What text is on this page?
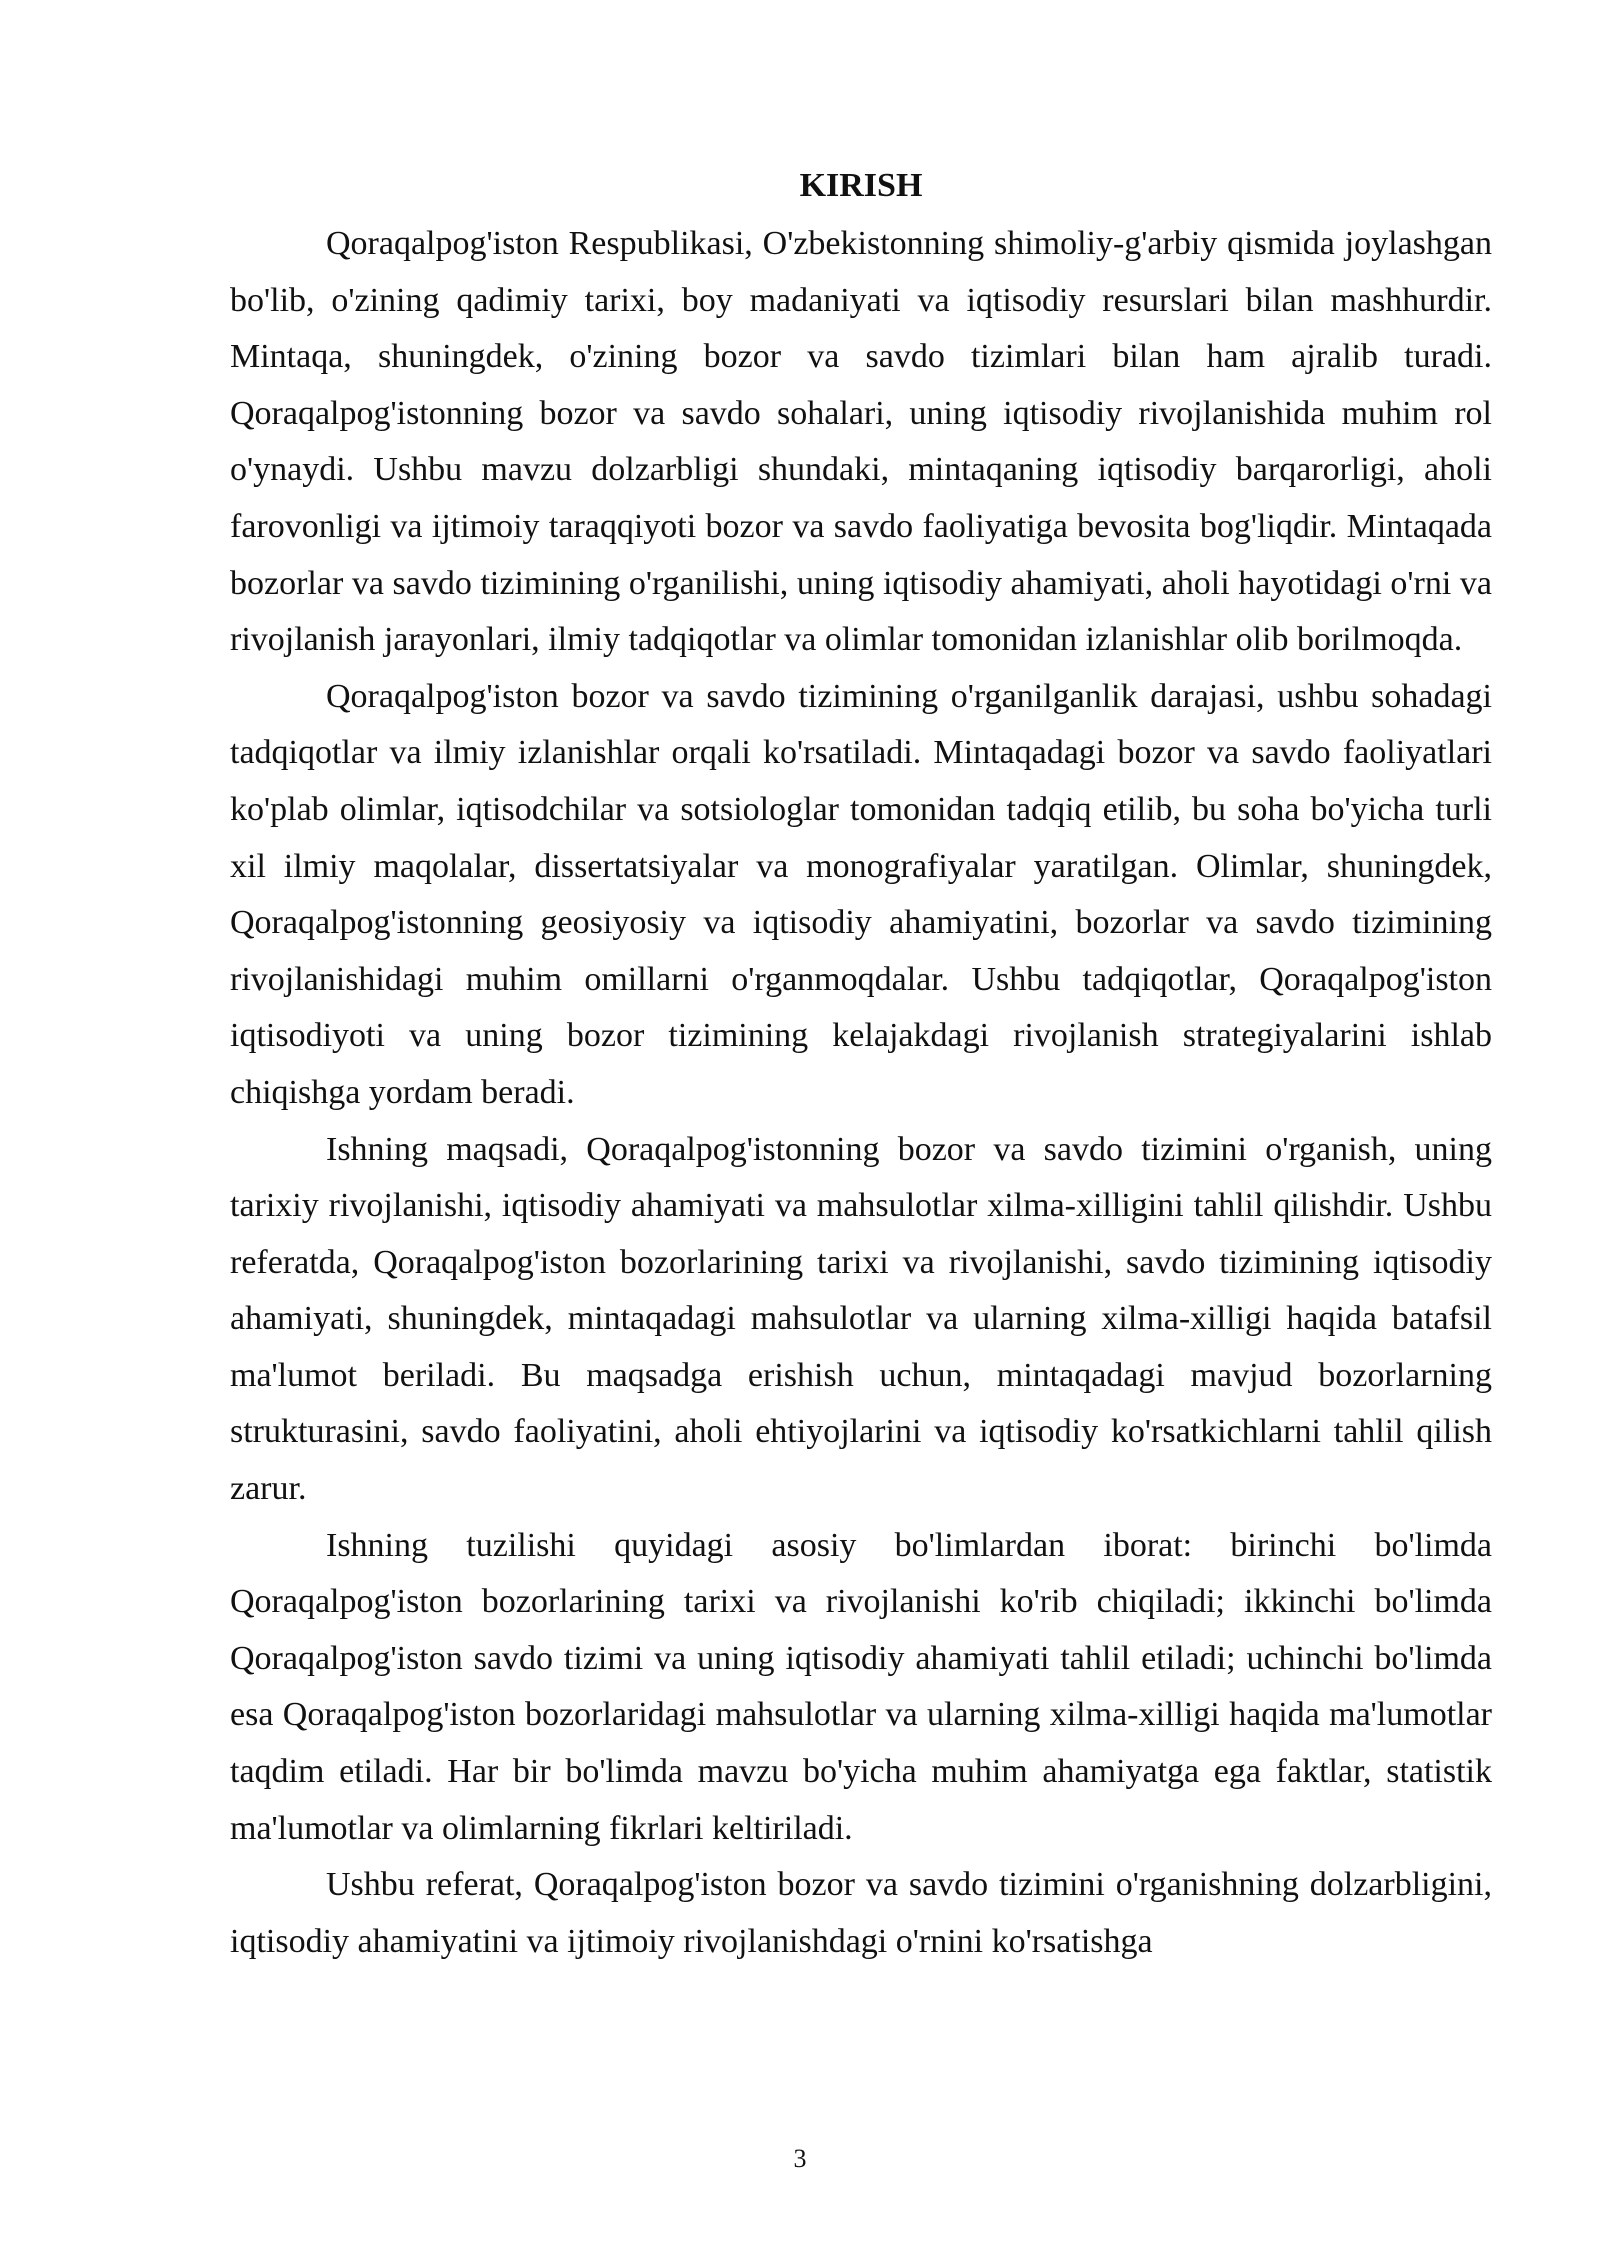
KIRISH

Qoraqalpog'iston Respublikasi, O'zbekistonning shimoliy-g'arbiy qismida joylashgan bo'lib, o'zining qadimiy tarixi, boy madaniyati va iqtisodiy resurslari bilan mashhurdir. Mintaqa, shuningdek, o'zining bozor va savdo tizimlari bilan ham ajralib turadi. Qoraqalpog'istonning bozor va savdo sohalari, uning iqtisodiy rivojlanishida muhim rol o'ynaydi. Ushbu mavzu dolzarbligi shundaki, mintaqaning iqtisodiy barqarorligi, aholi farovonligi va ijtimoiy taraqqiyoti bozor va savdo faoliyatiga bevosita bog'liqdir. Mintaqada bozorlar va savdo tizimining o'rganilishi, uning iqtisodiy ahamiyati, aholi hayotidagi o'rni va rivojlanish jarayonlari, ilmiy tadqiqotlar va olimlar tomonidan izlanishlar olib borilmoqda.

Qoraqalpog'iston bozor va savdo tizimining o'rganilganlik darajasi, ushbu sohadagi tadqiqotlar va ilmiy izlanishlar orqali ko'rsatiladi. Mintaqadagi bozor va savdo faoliyatlari ko'plab olimlar, iqtisodchilar va sotsiologlar tomonidan tadqiq etilib, bu soha bo'yicha turli xil ilmiy maqolalar, dissertatsiyalar va monografiyalar yaratilgan. Olimlar, shuningdek, Qoraqalpog'istonning geosiyosiy va iqtisodiy ahamiyatini, bozorlar va savdo tizimining rivojlanishidagi muhim omillarni o'rganmoqdalar. Ushbu tadqiqotlar, Qoraqalpog'iston iqtisodiyoti va uning bozor tizimining kelajakdagi rivojlanish strategiyalarini ishlab chiqishga yordam beradi.

Ishning maqsadi, Qoraqalpog'istonning bozor va savdo tizimini o'rganish, uning tarixiy rivojlanishi, iqtisodiy ahamiyati va mahsulotlar xilma-xilligini tahlil qilishdir. Ushbu referatda, Qoraqalpog'iston bozorlarining tarixi va rivojlanishi, savdo tizimining iqtisodiy ahamiyati, shuningdek, mintaqadagi mahsulotlar va ularning xilma-xilligi haqida batafsil ma'lumot beriladi. Bu maqsadga erishish uchun, mintaqadagi mavjud bozorlarning strukturasini, savdo faoliyatini, aholi ehtiyojlarini va iqtisodiy ko'rsatkichlarni tahlil qilish zarur.

Ishning tuzilishi quyidagi asosiy bo'limlardan iborat: birinchi bo'limda Qoraqalpog'iston bozorlarining tarixi va rivojlanishi ko'rib chiqiladi; ikkinchi bo'limda Qoraqalpog'iston savdo tizimi va uning iqtisodiy ahamiyati tahlil etiladi; uchinchi bo'limda esa Qoraqalpog'iston bozorlaridagi mahsulotlar va ularning xilma-xilligi haqida ma'lumotlar taqdim etiladi. Har bir bo'limda mavzu bo'yicha muhim ahamiyatga ega faktlar, statistik ma'lumotlar va olimlarning fikrlari keltiriladi.

Ushbu referat, Qoraqalpog'iston bozor va savdo tizimini o'rganishning dolzarbligini, iqtisodiy ahamiyatini va ijtimoiy rivojlanishdagi o'rnini ko'rsatishga

3
